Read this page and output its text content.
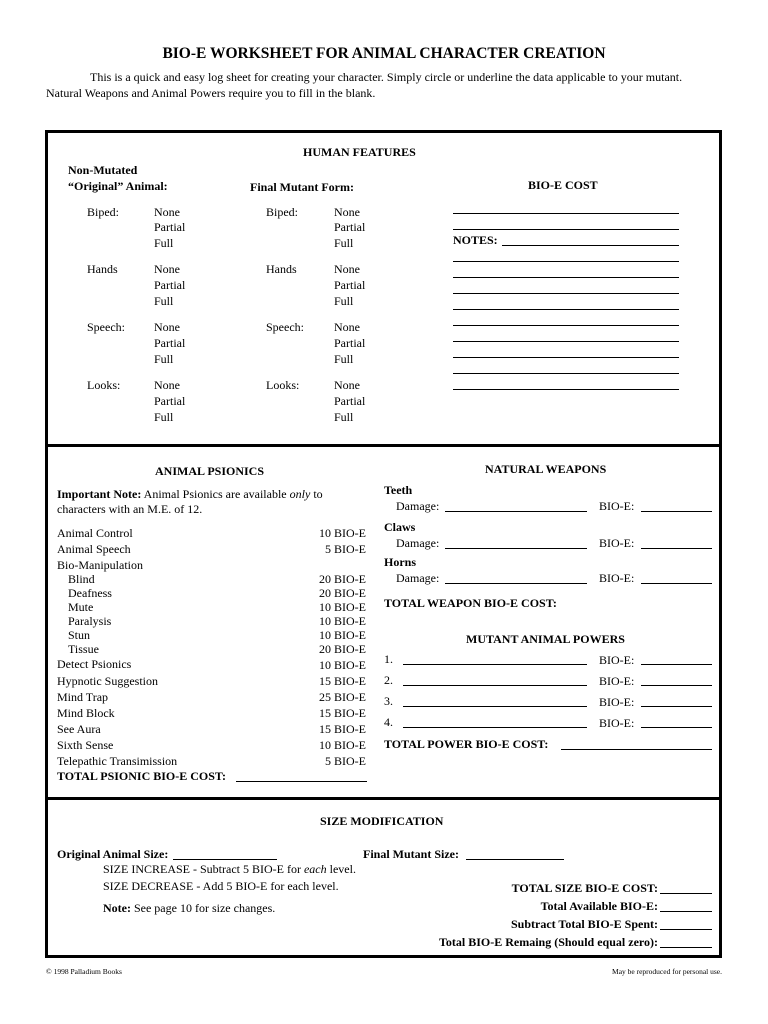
BIO-E WORKSHEET FOR ANIMAL CHARACTER CREATION
This is a quick and easy log sheet for creating your character. Simply circle or underline the data applicable to your mutant.
Natural Weapons and Animal Powers require you to fill in the blank.
HUMAN FEATURES
Non-Mutated
“Original” Animal:	Final Mutant Form:	BIO-E COST
Biped:	None
Partial
Full
Biped:	None
Partial
Full
Hands	None
Partial
Full
Hands	None
Partial
Full
Speech: None
Partial
Full
Speech:	None
Partial
Full
Looks:	None
Partial
Full
Looks:	None
Partial
Full
NOTES:
ANIMAL PSIONICS
Important Note: Animal Psionics are available only to
characters with an M.E. of 12.
Animal Control	10 BIO-E
Animal Speech	5 BIO-E
Bio-Manipulation
Blind	20 BIO-E
Deafness	20 BIO-E
Mute	10 BIO-E
Paralysis	10 BIO-E
Stun	10 BIO-E
Tissue	20 BIO-E
Detect Psionics	10 BIO-E
Hypnotic Suggestion	15 BIO-E
Mind Trap	25 BIO-E
Mind Block	15 BIO-E
See Aura	15 BIO-E
Sixth Sense	10 BIO-E
Telepathic Transimission	5 BIO-E
TOTAL PSIONIC BIO-E COST:
NATURAL WEAPONS
Teeth
Damage:	BIO-E:
Claws
Damage:	BIO-E:
Horns
Damage:	BIO-E:
TOTAL WEAPON BIO-E COST:
MUTANT ANIMAL POWERS
1.	BIO-E:
2.	BIO-E:
3.	BIO-E:
4.	BIO-E:
TOTAL POWER BIO-E COST:
SIZE MODIFICATION
Original Animal Size:	Final Mutant Size:
SIZE INCREASE - Subtract 5 BIO-E for each level.
SIZE DECREASE - Add 5 BIO-E for each level.
Note: See page 10 for size changes.
TOTAL SIZE BIO-E COST:
Total Available BIO-E:
Subtract Total BIO-E Spent:
Total BIO-E Remaing (Should equal zero):
© 1998 Palladium Books	May be reproduced for personal use.
